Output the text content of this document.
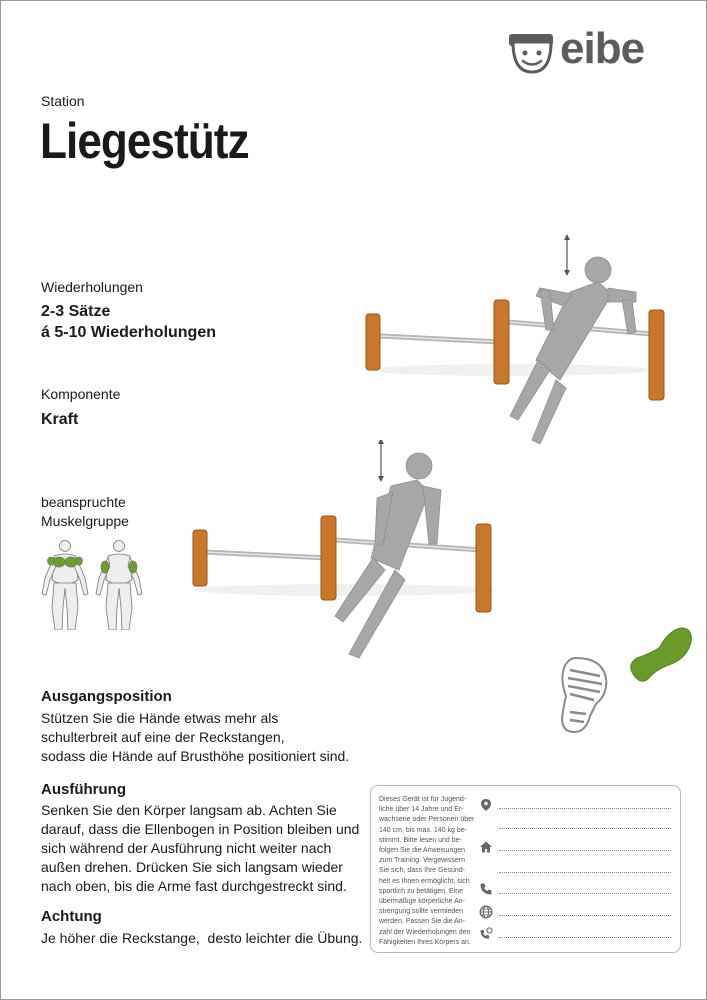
eibe
Station
Liegestütz
Wiederholungen
2-3 Sätze
á 5-10 Wiederholungen
Komponente
Kraft
beanspruchte
Muskelgruppe
Ausgangsposition
Stützen Sie die Hände etwas mehr als
schulterbreit auf eine der Reckstangen,
sodass die Hände auf Brusthöhe positioniert sind.
Ausführung
Senken Sie den Körper langsam ab. Achten Sie
darauf, dass die Ellenbogen in Position bleiben und
sich während der Ausführung nicht weiter nach
außen drehen. Drücken Sie sich langsam wieder
nach oben, bis die Arme fast durchgestreckt sind.
Achtung
Je höher die Reckstange,  desto leichter die Übung.
Dieses Gerät ist für Jugend-
liche über 14 Jahre und Er-
wachsene oder Personen über
140 cm, bis max. 140 kg be-
stimmt. Bitte lesen und be-
folgen Sie die Anweisungen
zum Training. Vergewissern
Sie sich, dass Ihre Gesund-
heit es Ihnen ermöglicht, sich
sportlich zu betätigen. Eine
übermäßige körperliche An-
strengung sollte vermieden
werden. Passen Sie die An-
zahl der Wiederholungen den
Fähigkeiten Ihres Körpers an.
